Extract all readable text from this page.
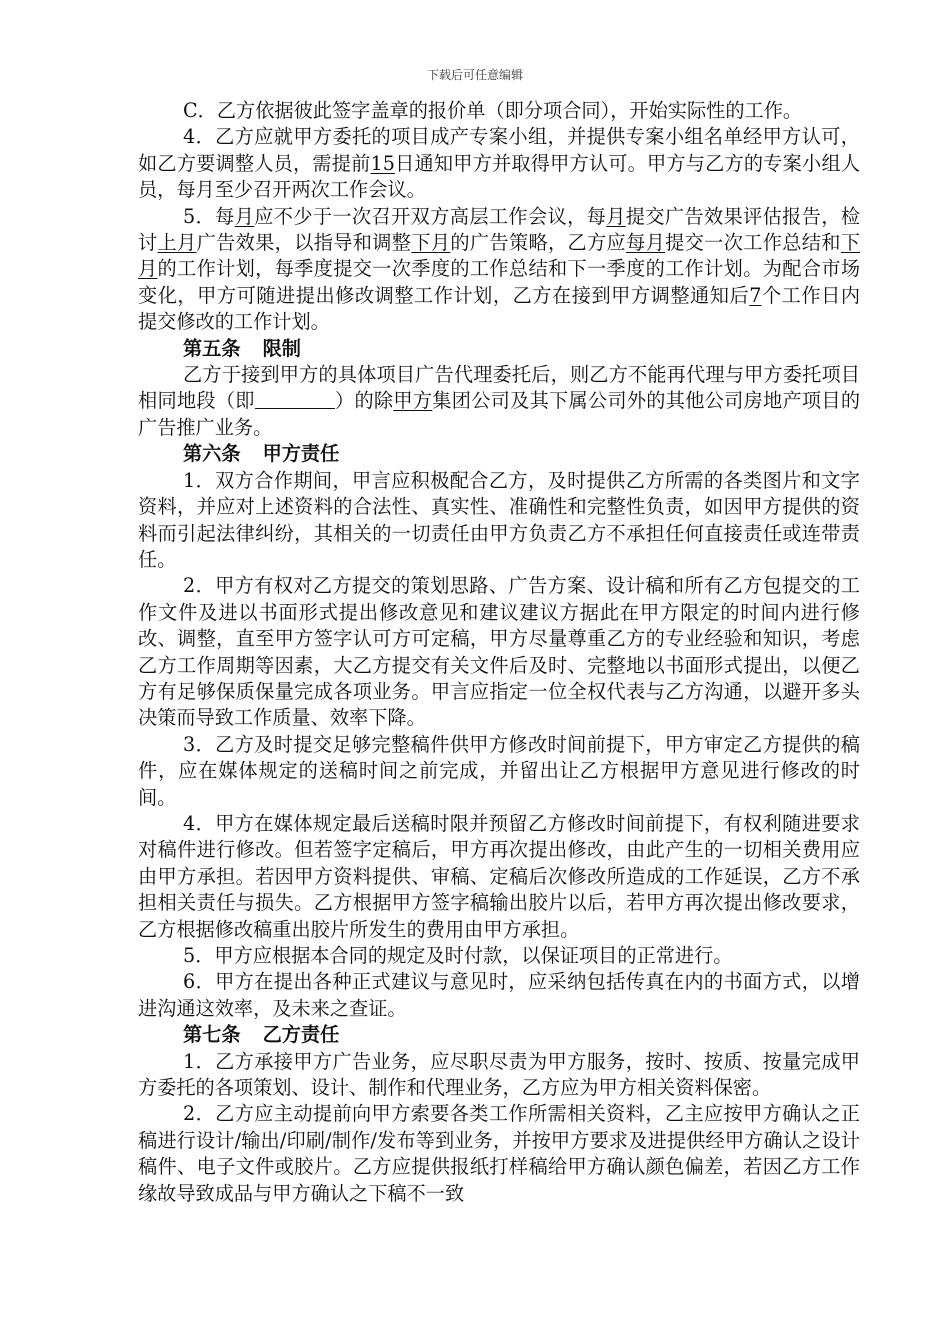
下载后可任意编辑

C．乙方依据彼此签字盖章的报价单（即分项合同），开始实际性的工作。

4．乙方应就甲方委托的项目成产专案小组，并提供专案小组名单经甲方认可，如乙方要调整人员，需提前15日通知甲方并取得甲方认可。甲方与乙方的专案小组人员，每月至少召开两次工作会议。

5．每月应不少于一次召开双方高层工作会议，每月提交广告效果评估报告，检讨上月广告效果，以指导和调整下月的广告策略，乙方应每月提交一次工作总结和下月的工作计划，每季度提交一次季度的工作总结和下一季度的工作计划。为配合市场变化，甲方可随进提出修改调整工作计划，乙方在接到甲方调整通知后7个工作日内提交修改的工作计划。

第五条 限制

乙方于接到甲方的具体项目广告代理委托后，则乙方不能再代理与甲方委托项目相同地段（即	）的除甲方集团公司及其下属公司外的其他公司房地产项目的广告推广业务。

第六条 甲方责任

1．双方合作期间，甲言应积极配合乙方，及时提供乙方所需的各类图片和文字资料，并应对上述资料的合法性、真实性、准确性和完整性负责，如因甲方提供的资料而引起法律纠纷，其相关的一切责任由甲方负责乙方不承担任何直接责任或连带责任。

2．甲方有权对乙方提交的策划思路、广告方案、设计稿和所有乙方包提交的工作文件及进以书面形式提出修改意见和建议建议方据此在甲方限定的时间内进行修改、调整，直至甲方签字认可方可定稿，甲方尽量尊重乙方的专业经验和知识，考虑乙方工作周期等因素，大乙方提交有关文件后及时、完整地以书面形式提出，以便乙方有足够保质保量完成各项业务。甲言应指定一位全权代表与乙方沟通，以避开多头决策而导致工作质量、效率下降。

3．乙方及时提交足够完整稿件供甲方修改时间前提下，甲方审定乙方提供的稿件，应在媒体规定的送稿时间之前完成，并留出让乙方根据甲方意见进行修改的时间。

4．甲方在媒体规定最后送稿时限并预留乙方修改时间前提下，有权利随进要求对稿件进行修改。但若签字定稿后，甲方再次提出修改，由此产生的一切相关费用应由甲方承担。若因甲方资料提供、审稿、定稿后次修改所造成的工作延误，乙方不承担相关责任与损失。乙方根据甲方签字稿输出胶片以后，若甲方再次提出修改要求，乙方根据修改稿重出胶片所发生的费用由甲方承担。

5．甲方应根据本合同的规定及时付款，以保证项目的正常进行。

6．甲方在提出各种正式建议与意见时，应采纳包括传真在内的书面方式，以增进沟通这效率，及未来之查证。

第七条 乙方责任

1．乙方承接甲方广告业务，应尽职尽责为甲方服务，按时、按质、按量完成甲方委托的各项策划、设计、制作和代理业务，乙方应为甲方相关资料保密。

2．乙方应主动提前向甲方索要各类工作所需相关资料，乙主应按甲方确认之正稿进行设计/输出/印刷/制作/发布等到业务，并按甲方要求及进提供经甲方确认之设计稿件、电子文件或胶片。乙方应提供报纸打样稿给甲方确认颜色偏差，若因乙方工作缘故导致成品与甲方确认之下稿不一致
